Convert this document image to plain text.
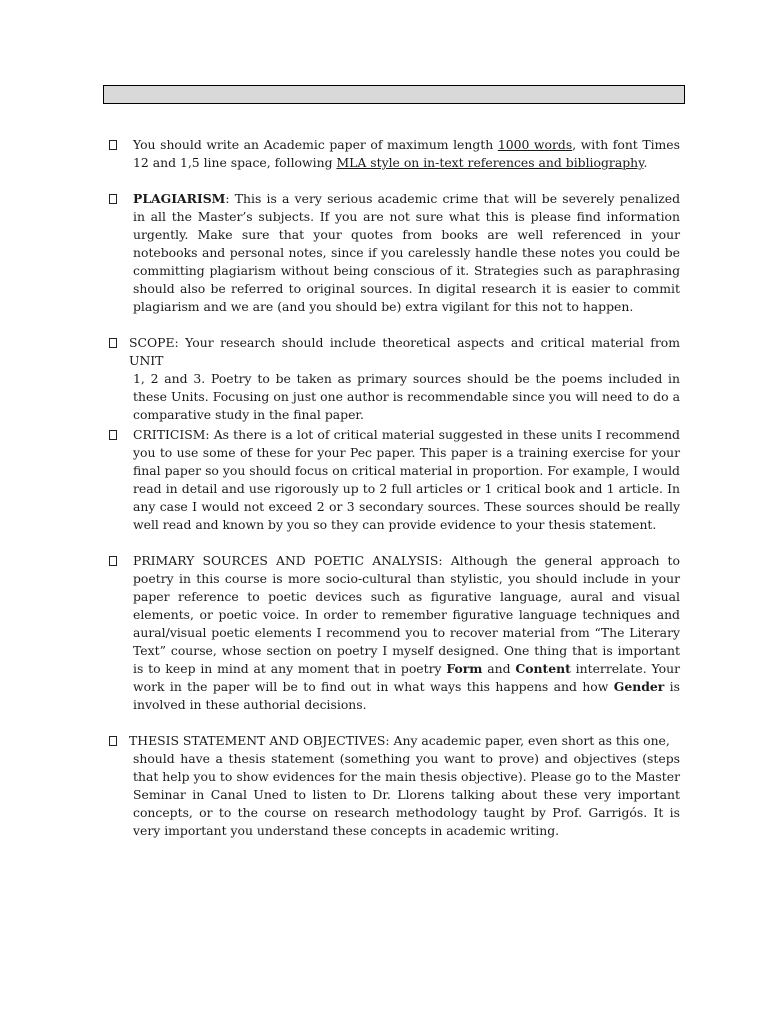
You should write an Academic paper of maximum length 1000 words, with font Times 12 and 1,5 line space, following MLA style on in-text references and bibliography.
PLAGIARISM: This is a very serious academic crime that will be severely penalized in all the Master’s subjects. If you are not sure what this is please find information urgently. Make sure that your quotes from books are well referenced in your notebooks and personal notes, since if you carelessly handle these notes you could be committing plagiarism without being conscious of it. Strategies such as paraphrasing should also be referred to original sources. In digital research it is easier to commit plagiarism and we are (and you should be) extra vigilant for this not to happen.
SCOPE: Your research should include theoretical aspects and critical material from UNIT
1, 2 and 3. Poetry to be taken as primary sources should be the poems included in these Units. Focusing on just one author is recommendable since you will need to do a comparative study in the final paper.
CRITICISM: As there is a lot of critical material suggested in these units I recommend you to use some of these for your Pec paper. This paper is a training exercise for your final paper so you should focus on critical material in proportion. For example, I would read in detail and use rigorously up to 2 full articles or 1 critical book and 1 article. In any case I would not exceed 2 or 3 secondary sources. These sources should be really well read and known by you so they can provide evidence to your thesis statement.
PRIMARY SOURCES AND POETIC ANALYSIS: Although the general approach to poetry in this course is more socio-cultural than stylistic, you should include in your paper reference to poetic devices such as figurative language, aural and visual elements, or poetic voice. In order to remember figurative language techniques and aural/visual poetic elements I recommend you to recover material from “The Literary Text” course, whose section on poetry I myself designed. One thing that is important is to keep in mind at any moment that in poetry Form and Content interrelate. Your work in the paper will be to find out in what ways this happens and how Gender is involved in these authorial decisions.
THESIS STATEMENT AND OBJECTIVES: Any academic paper, even short as this one,
should have a thesis statement (something you want to prove) and objectives (steps that help you to show evidences for the main thesis objective). Please go to the Master Seminar in Canal Uned to listen to Dr. Llorens talking about these very important concepts, or to the course on research methodology taught by Prof. Garrigós. It is very important you understand these concepts in academic writing.
